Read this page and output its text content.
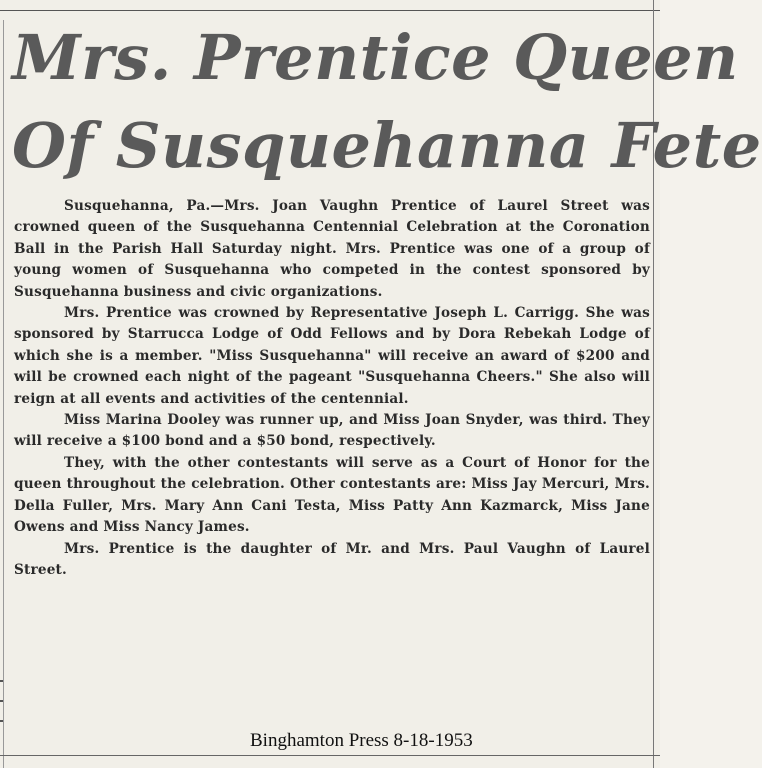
Mrs. Prentice Queen
Of Susquehanna Fete

Susquehanna, Pa.—Mrs. Joan Vaughn Prentice of Laurel Street was crowned queen of the Susquehanna Centennial Celebration at the Coronation Ball in the Parish Hall Saturday night. Mrs. Prentice was one of a group of young women of Susquehanna who competed in the contest sponsored by Susquehanna business and civic organizations.

Mrs. Prentice was crowned by Representative Joseph L. Carrigg. She was sponsored by Starrucca Lodge of Odd Fellows and by Dora Rebekah Lodge of which she is a member. "Miss Susquehanna" will receive an award of $200 and will be crowned each night of the pageant "Susquehanna Cheers." She also will reign at all events and activities of the centennial.

Miss Marina Dooley was runner up, and Miss Joan Snyder, was third. They will receive a $100 bond and a $50 bond, respectively.

They, with the other contestants will serve as a Court of Honor for the queen throughout the celebration. Other contestants are: Miss Jay Mercuri, Mrs. Della Fuller, Mrs. Mary Ann Cani Testa, Miss Patty Ann Kazmarck, Miss Jane Owens and Miss Nancy James.

Mrs. Prentice is the daughter of Mr. and Mrs. Paul Vaughn of Laurel Street.

Binghamton Press 8-18-1953
